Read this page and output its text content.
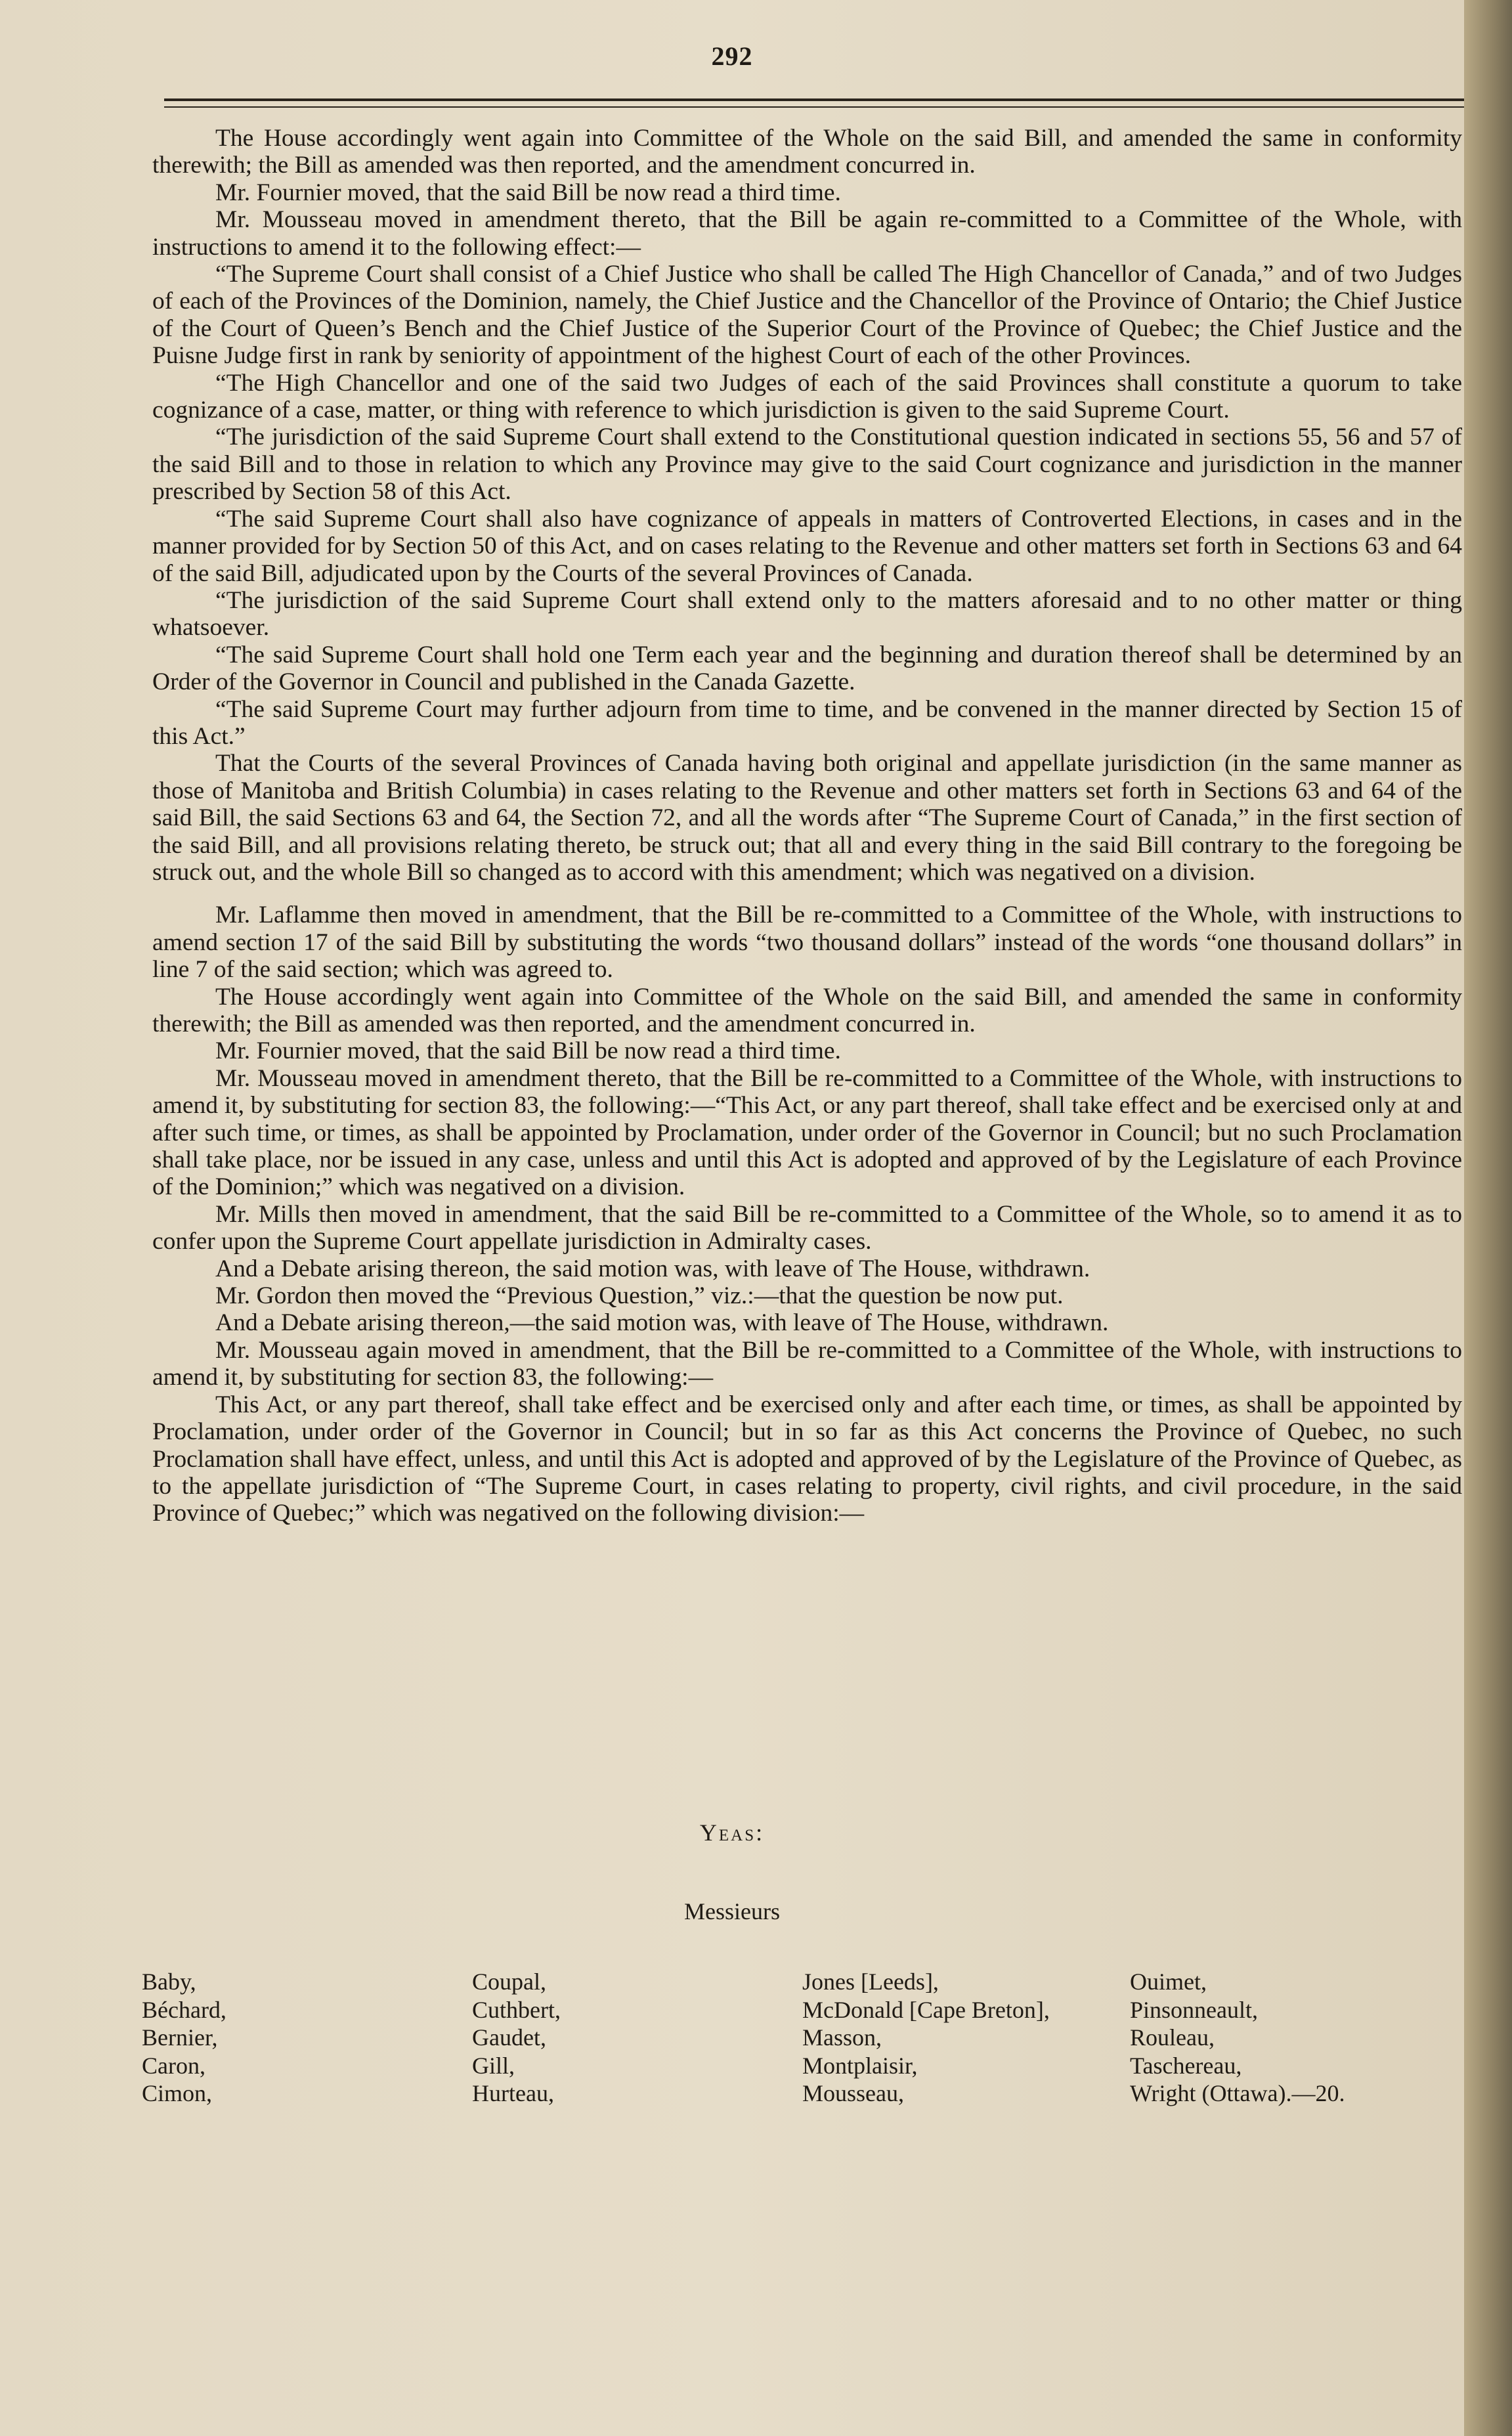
292

The House accordingly went again into Committee of the Whole on the said Bill, and amended the same in conformity therewith; the Bill as amended was then reported, and the amendment concurred in.

Mr. Fournier moved, that the said Bill be now read a third time.

Mr. Mousseau moved in amendment thereto, that the Bill be again re-committed to a Committee of the Whole, with instructions to amend it to the following effect:—

“The Supreme Court shall consist of a Chief Justice who shall be called The High Chancellor of Canada,” and of two Judges of each of the Provinces of the Dominion, namely, the Chief Justice and the Chancellor of the Province of Ontario; the Chief Justice of the Court of Queen’s Bench and the Chief Justice of the Superior Court of the Province of Quebec; the Chief Justice and the Puisne Judge first in rank by seniority of appointment of the highest Court of each of the other Provinces.

“The High Chancellor and one of the said two Judges of each of the said Provinces shall constitute a quorum to take cognizance of a case, matter, or thing with reference to which jurisdiction is given to the said Supreme Court.

“The jurisdiction of the said Supreme Court shall extend to the Constitutional question indicated in sections 55, 56 and 57 of the said Bill and to those in relation to which any Province may give to the said Court cognizance and jurisdiction in the manner prescribed by Section 58 of this Act.

“The said Supreme Court shall also have cognizance of appeals in matters of Controverted Elections, in cases and in the manner provided for by Section 50 of this Act, and on cases relating to the Revenue and other matters set forth in Sections 63 and 64 of the said Bill, adjudicated upon by the Courts of the several Provinces of Canada.

“The jurisdiction of the said Supreme Court shall extend only to the matters aforesaid and to no other matter or thing whatsoever.

“The said Supreme Court shall hold one Term each year and the beginning and duration thereof shall be determined by an Order of the Governor in Council and published in the Canada Gazette.

“The said Supreme Court may further adjourn from time to time, and be convened in the manner directed by Section 15 of this Act.”

That the Courts of the several Provinces of Canada having both original and appellate jurisdiction (in the same manner as those of Manitoba and British Columbia) in cases relating to the Revenue and other matters set forth in Sections 63 and 64 of the said Bill, the said Sections 63 and 64, the Section 72, and all the words after “The Supreme Court of Canada,” in the first section of the said Bill, and all provisions relating thereto, be struck out; that all and every thing in the said Bill contrary to the foregoing be struck out, and the whole Bill so changed as to accord with this amendment; which was negatived on a division.

Mr. Laflamme then moved in amendment, that the Bill be re-committed to a Committee of the Whole, with instructions to amend section 17 of the said Bill by substituting the words “two thousand dollars” instead of the words “one thousand dollars” in line 7 of the said section; which was agreed to.

The House accordingly went again into Committee of the Whole on the said Bill, and amended the same in conformity therewith; the Bill as amended was then reported, and the amendment concurred in.

Mr. Fournier moved, that the said Bill be now read a third time.

Mr. Mousseau moved in amendment thereto, that the Bill be re-committed to a Committee of the Whole, with instructions to amend it, by substituting for section 83, the following:—“This Act, or any part thereof, shall take effect and be exercised only at and after such time, or times, as shall be appointed by Proclamation, under order of the Governor in Council; but no such Proclamation shall take place, nor be issued in any case, unless and until this Act is adopted and approved of by the Legislature of each Province of the Dominion;” which was negatived on a division.

Mr. Mills then moved in amendment, that the said Bill be re-committed to a Committee of the Whole, so to amend it as to confer upon the Supreme Court appellate jurisdiction in Admiralty cases.

And a Debate arising thereon, the said motion was, with leave of The House, withdrawn.

Mr. Gordon then moved the “Previous Question,” viz.:—that the question be now put.

And a Debate arising thereon,—the said motion was, with leave of The House, withdrawn.

Mr. Mousseau again moved in amendment, that the Bill be re-committed to a Committee of the Whole, with instructions to amend it, by substituting for section 83, the following:—

This Act, or any part thereof, shall take effect and be exercised only and after each time, or times, as shall be appointed by Proclamation, under order of the Governor in Council; but in so far as this Act concerns the Province of Quebec, no such Proclamation shall have effect, unless, and until this Act is adopted and approved of by the Legislature of the Province of Quebec, as to the appellate jurisdiction of “The Supreme Court, in cases relating to property, civil rights, and civil procedure, in the said Province of Quebec;” which was negatived on the following division:—

Yeas:
Messieurs
Baby,
Béchard,
Bernier,
Caron,
Cimon,
Coupal,
Cuthbert,
Gaudet,
Gill,
Hurteau,
Jones [Leeds],
McDonald [Cape Breton],
Masson,
Montplaisir,
Mousseau,
Ouimet,
Pinsonneault,
Rouleau,
Taschereau,
Wright (Ottawa).—20.
